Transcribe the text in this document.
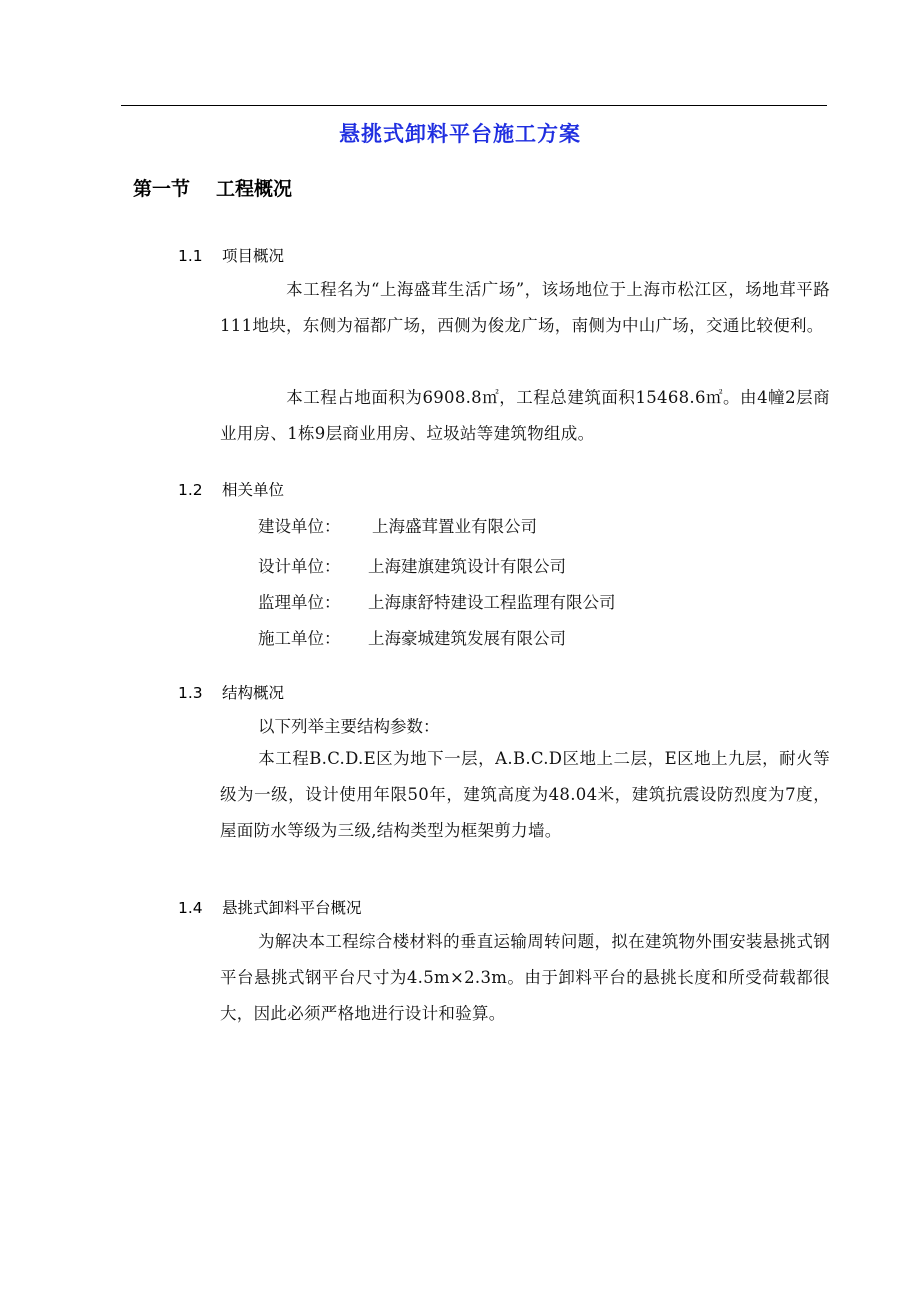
悬挑式卸料平台施工方案
第一节 工程概况
1.1 项目概况
本工程名为“上海盛茸生活广场”，该场地位于上海市松江区，场地茸平路111地块，东侧为福都广场，西侧为俊龙广场，南侧为中山广场，交通比较便利。
本工程占地面积为6908.8㎡，工程总建筑面积15468.6㎡。由4幢2层商业用房、1栋9层商业用房、垃圾站等建筑物组成。
1.2 相关单位
建设单位： 上海盛茸置业有限公司
设计单位： 上海建旗建筑设计有限公司
监理单位： 上海康舒特建设工程监理有限公司
施工单位： 上海豪城建筑发展有限公司
1.3 结构概况
以下列举主要结构参数：
本工程B.C.D.E区为地下一层，A.B.C.D区地上二层，E区地上九层，耐火等级为一级，设计使用年限50年，建筑高度为48.04米，建筑抗震设防烈度为7度，屋面防水等级为三级,结构类型为框架剪力墙。
1.4 悬挑式卸料平台概况
为解决本工程综合楼材料的垂直运输周转问题，拟在建筑物外围安装悬挑式钢平台悬挑式钢平台尺寸为4.5m×2.3m。由于卸料平台的悬挑长度和所受荷载都很大，因此必须严格地进行设计和验算。
